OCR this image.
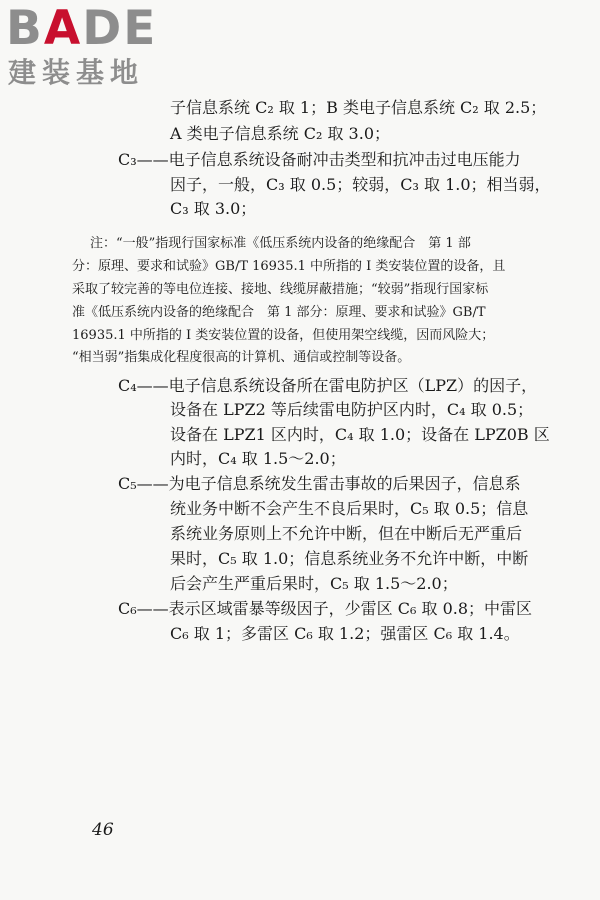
BADE
建装基地
子信息系统 C₂ 取 1；B 类电子信息系统 C₂ 取 2.5；
A 类电子信息系统 C₂ 取 3.0；
C₃——电子信息系统设备耐冲击类型和抗冲击过电压能力
因子，一般，C₃ 取 0.5；较弱，C₃ 取 1.0；相当弱，
C₃ 取 3.0；
注：“一般”指现行国家标准《低压系统内设备的绝缘配合　第 1 部
分：原理、要求和试验》GB/T 16935.1 中所指的 Ⅰ 类安装位置的设备，且
采取了较完善的等电位连接、接地、线缆屏蔽措施；“较弱”指现行国家标
准《低压系统内设备的绝缘配合　第 1 部分：原理、要求和试验》GB/T
16935.1 中所指的 Ⅰ 类安装位置的设备，但使用架空线缆，因而风险大；
“相当弱”指集成化程度很高的计算机、通信或控制等设备。
C₄——电子信息系统设备所在雷电防护区（LPZ）的因子，
设备在 LPZ2 等后续雷电防护区内时，C₄ 取 0.5；
设备在 LPZ1 区内时，C₄ 取 1.0；设备在 LPZ0B 区
内时，C₄ 取 1.5～2.0；
C₅——为电子信息系统发生雷击事故的后果因子，信息系
统业务中断不会产生不良后果时，C₅ 取 0.5；信息
系统业务原则上不允许中断，但在中断后无严重后
果时，C₅ 取 1.0；信息系统业务不允许中断，中断
后会产生严重后果时，C₅ 取 1.5～2.0；
C₆——表示区域雷暴等级因子，少雷区 C₆ 取 0.8；中雷区
C₆ 取 1；多雷区 C₆ 取 1.2；强雷区 C₆ 取 1.4。
46
